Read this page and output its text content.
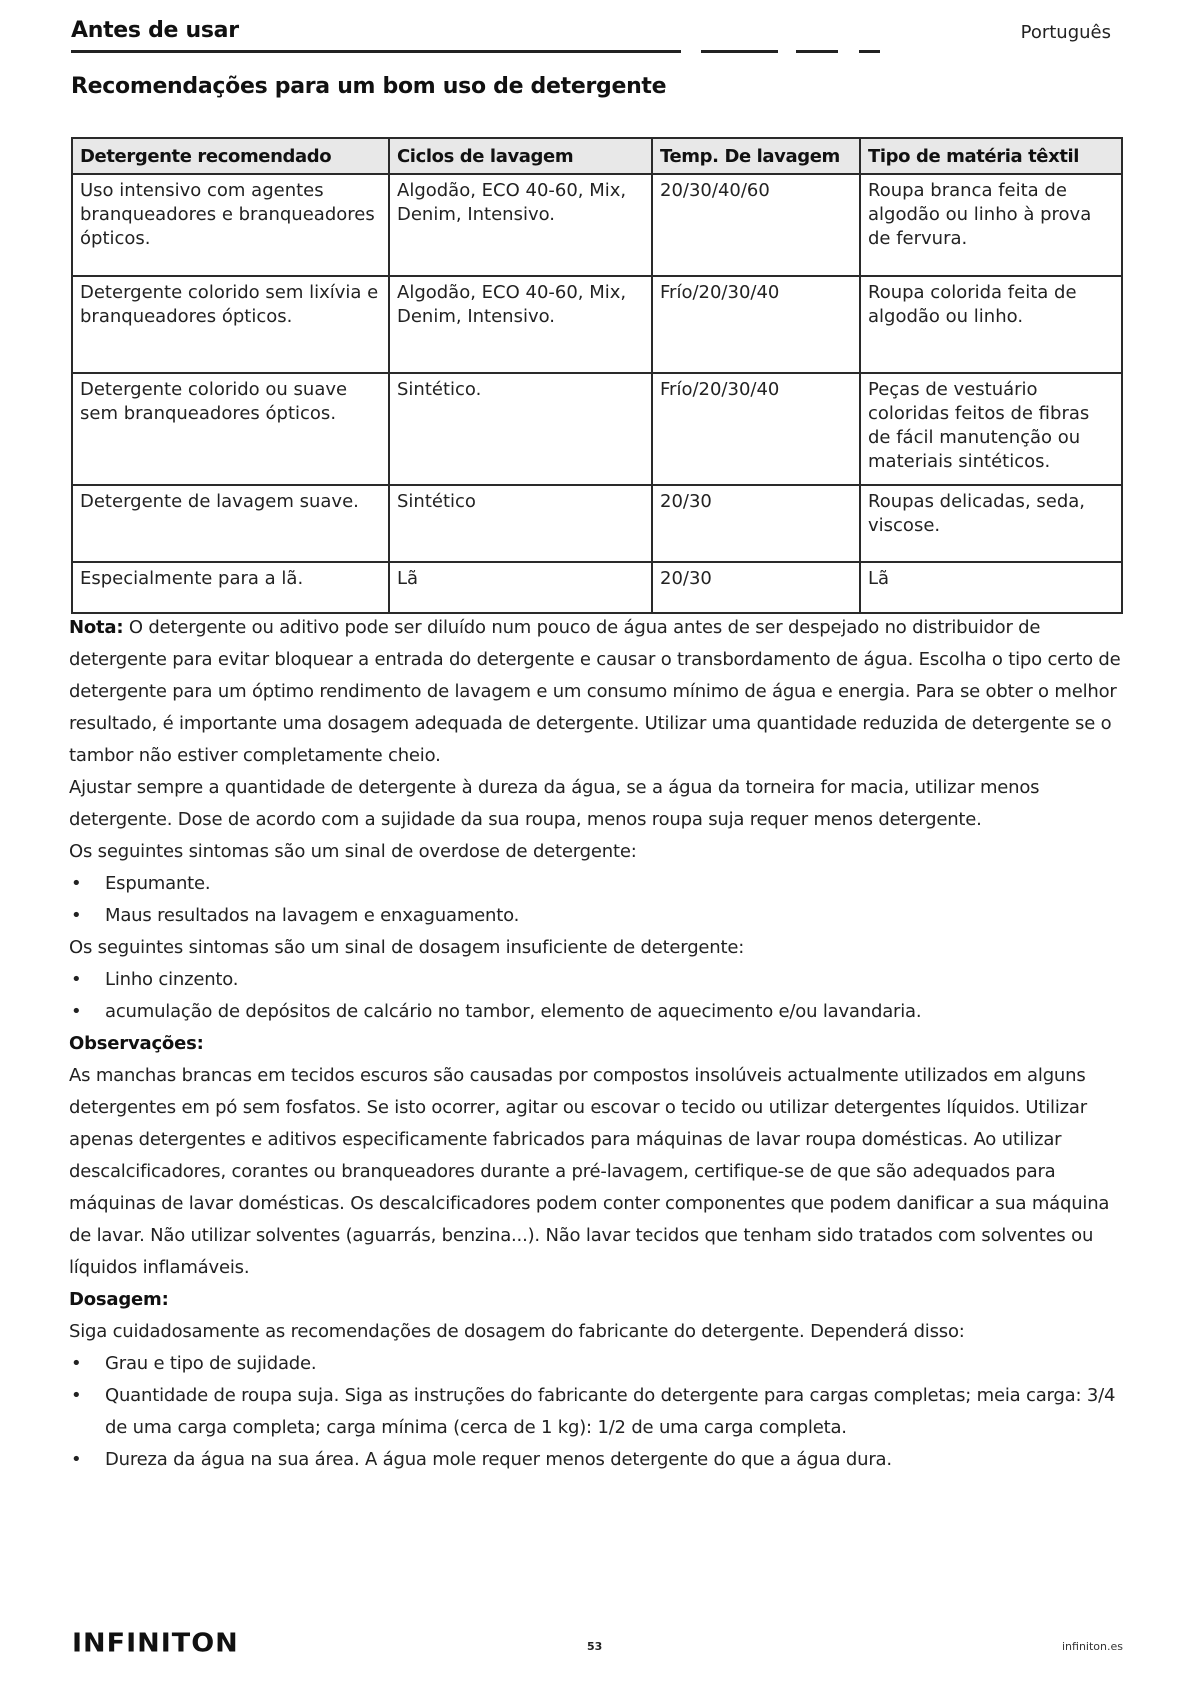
Antes de usar	Português
Recomendações para um bom uso de detergente
Detergente recomendado	Ciclos de lavagem	Temp. De lavagem	Tipo de matéria têxtil
Uso intensivo com agentes branqueadores e branqueadores ópticos.	Algodão, ECO 40-60, Mix, Denim, Intensivo.	20/30/40/60	Roupa branca feita de algodão ou linho à prova de fervura.
Detergente colorido sem lixívia e branqueadores ópticos.	Algodão, ECO 40-60, Mix, Denim, Intensivo.	Frío/20/30/40	Roupa colorida feita de algodão ou linho.
Detergente colorido ou suave sem branqueadores ópticos.	Sintético.	Frío/20/30/40	Peças de vestuário coloridas feitos de fibras de fácil manutenção ou materiais sintéticos.
Detergente de lavagem suave.	Sintético	20/30	Roupas delicadas, seda, viscose.
Especialmente para a lã.	Lã	20/30	Lã

Nota: O detergente ou aditivo pode ser diluído num pouco de água antes de ser despejado no distribuidor de detergente para evitar bloquear a entrada do detergente e causar o transbordamento de água. Escolha o tipo certo de detergente para um óptimo rendimento de lavagem e um consumo mínimo de água e energia. Para se obter o melhor resultado, é importante uma dosagem adequada de detergente. Utilizar uma quantidade reduzida de detergente se o tambor não estiver completamente cheio.

Ajustar sempre a quantidade de detergente à dureza da água, se a água da torneira for macia, utilizar menos detergente. Dose de acordo com a sujidade da sua roupa, menos roupa suja requer menos detergente.

Os seguintes sintomas são um sinal de overdose de detergente:

• Espumante.

• Maus resultados na lavagem e enxaguamento.

Os seguintes sintomas são um sinal de dosagem insuficiente de detergente:

• Linho cinzento.

• acumulação de depósitos de calcário no tambor, elemento de aquecimento e/ou lavandaria.

Observações:

As manchas brancas em tecidos escuros são causadas por compostos insolúveis actualmente utilizados em alguns detergentes em pó sem fosfatos. Se isto ocorrer, agitar ou escovar o tecido ou utilizar detergentes líquidos. Utilizar apenas detergentes e aditivos especificamente fabricados para máquinas de lavar roupa domésticas. Ao utilizar descalcificadores, corantes ou branqueadores durante a pré-lavagem, certifique-se de que são adequados para máquinas de lavar domésticas. Os descalcificadores podem conter componentes que podem danificar a sua máquina de lavar. Não utilizar solventes (aguarrás, benzina...). Não lavar tecidos que tenham sido tratados com solventes ou líquidos inflamáveis.

Dosagem:

Siga cuidadosamente as recomendações de dosagem do fabricante do detergente. Dependerá disso:

• Grau e tipo de sujidade.

• Quantidade de roupa suja. Siga as instruções do fabricante do detergente para cargas completas; meia carga: 3/4 de uma carga completa; carga mínima (cerca de 1 kg): 1/2 de uma carga completa.

• Dureza da água na sua área. A água mole requer menos detergente do que a água dura.

INFINITON	53	infiniton.es
